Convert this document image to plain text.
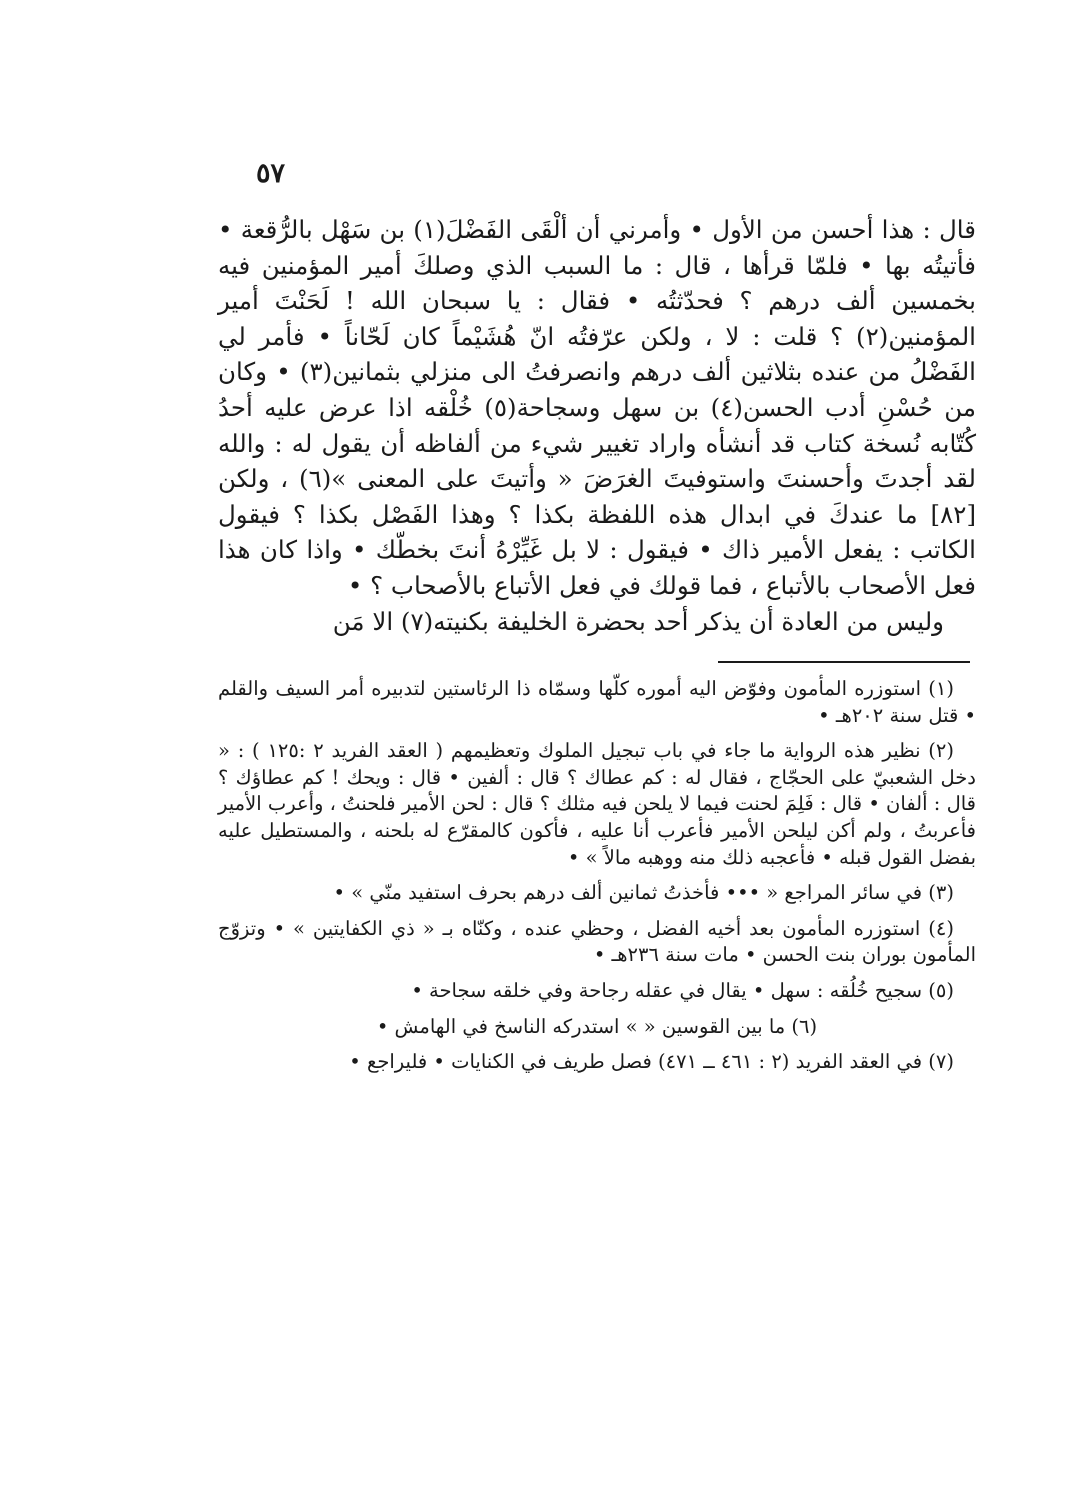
٥٧

قال : هذا أحسن من الأول • وأمرني أن ألْقَى الفَضْلَ(١) بن سَهْل بالرُّقعة • فأتيتُه بها • فلمّا قرأها ، قال : ما السبب الذي وصلكَ أمير المؤمنين فيه بخمسين ألف درهم ؟ فحدّثتُه • فقال : يا سبحان الله ! لَحَنْتَ أمير المؤمنين(٢) ؟ قلت : لا ، ولكن عرّفتُه انّ هُشَيْماً كان لَحّاناً • فأمر لي الفَضْلُ من عنده بثلاثين ألف درهم وانصرفتُ الى منزلي بثمانين(٣) • وكان من حُسْنِ أدب الحسن(٤) بن سهل وسجاحة(٥) خُلْقه اذا عرض عليه أحدُ كُتّابه نُسخة كتاب قد أنشأه واراد تغيير شيء من ألفاظه أن يقول له : والله لقد أجدتَ وأحسنتَ واستوفيتَ الغرَضَ « وأتيتَ على المعنى »(٦) ، ولكن [٨٢] ما عندكَ في ابدال هذه اللفظة بكذا ؟ وهذا الفَصْل بكذا ؟ فيقول الكاتب : يفعل الأمير ذاك • فيقول : لا بل غَيِّرْهُ أنتَ بخطّك • واذا كان هذا فعل الأصحاب بالأتباع ، فما قولك في فعل الأتباع بالأصحاب ؟ •

وليس من العادة أن يذكر أحد بحضرة الخليفة بكنيته(٧) الا مَن

(١) استوزره المأمون وفوّض اليه أموره كلّها وسمّاه ذا الرئاستين لتدبيره أمر السيف والقلم • قتل سنة ٢٠٢هـ •

(٢) نظير هذه الرواية ما جاء في باب تبجيل الملوك وتعظيمهم ( العقد الفريد ٢ :١٢٥ ) : « دخل الشعبيّ على الحجّاج ، فقال له : كم عطاك ؟ قال : ألفين • قال : ويحك ! كم عطاؤك ؟ قال : ألفان • قال : فَلِمَ لحنت فيما لا يلحن فيه مثلك ؟ قال : لحن الأمير فلحنتُ ، وأعرب الأمير فأعربتُ ، ولم أكن ليلحن الأمير فأعرب أنا عليه ، فأكون كالمقرّع له بلحنه ، والمستطيل عليه بفضل القول قبله • فأعجبه ذلك منه ووهبه مالاً » •

(٣) في سائر المراجع « ••• فأخذتُ ثمانين ألف درهم بحرف استفيد منّي » •

(٤) استوزره المأمون بعد أخيه الفضل ، وحظي عنده ، وكنّاه بـ « ذي الكفايتين » • وتزوّج المأمون بوران بنت الحسن • مات سنة ٢٣٦هـ •

(٥) سجيح خُلُقه : سهل • يقال في عقله رجاحة وفي خلقه سجاحة •

(٦) ما بين القوسين « » استدركه الناسخ في الهامش •

(٧) في العقد الفريد (٢ : ٤٦١ ــ ٤٧١) فصل طريف في الكنايات • فليراجع •
